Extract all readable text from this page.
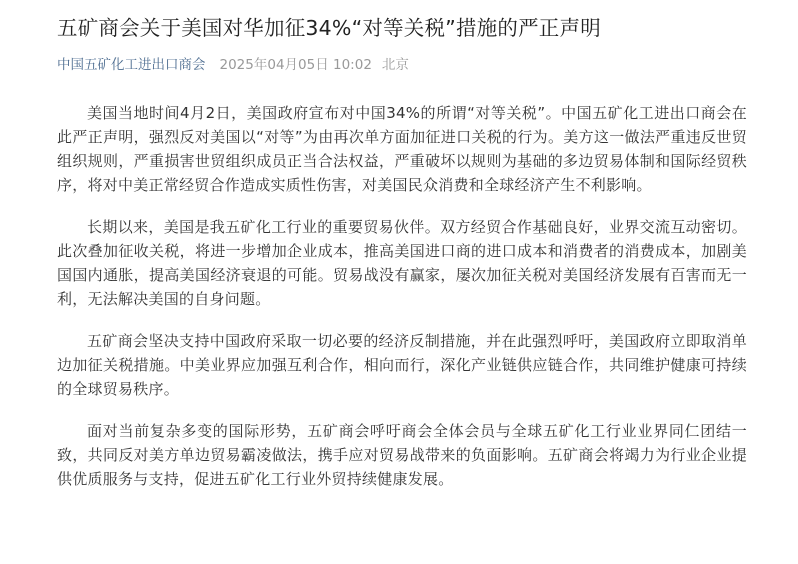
五矿商会关于美国对华加征34%“对等关税”措施的严正声明
中国五矿化工进出口商会 2025年04月05日 10:02 北京

美国当地时间4月2日，美国政府宣布对中国34%的所谓“对等关税”。中国五矿化工进出口商会在此严正声明，强烈反对美国以“对等”为由再次单方面加征进口关税的行为。美方这一做法严重违反世贸组织规则，严重损害世贸组织成员正当合法权益，严重破坏以规则为基础的多边贸易体制和国际经贸秩序，将对中美正常经贸合作造成实质性伤害，对美国民众消费和全球经济产生不利影响。

长期以来，美国是我五矿化工行业的重要贸易伙伴。双方经贸合作基础良好，业界交流互动密切。此次叠加征收关税，将进一步增加企业成本，推高美国进口商的进口成本和消费者的消费成本，加剧美国国内通胀，提高美国经济衰退的可能。贸易战没有赢家，屡次加征关税对美国经济发展有百害而无一利，无法解决美国的自身问题。

五矿商会坚决支持中国政府采取一切必要的经济反制措施，并在此强烈呼吁，美国政府立即取消单边加征关税措施。中美业界应加强互利合作，相向而行，深化产业链供应链合作，共同维护健康可持续的全球贸易秩序。

面对当前复杂多变的国际形势，五矿商会呼吁商会全体会员与全球五矿化工行业业界同仁团结一致，共同反对美方单边贸易霸凌做法，携手应对贸易战带来的负面影响。五矿商会将竭力为行业企业提供优质服务与支持，促进五矿化工行业外贸持续健康发展。
